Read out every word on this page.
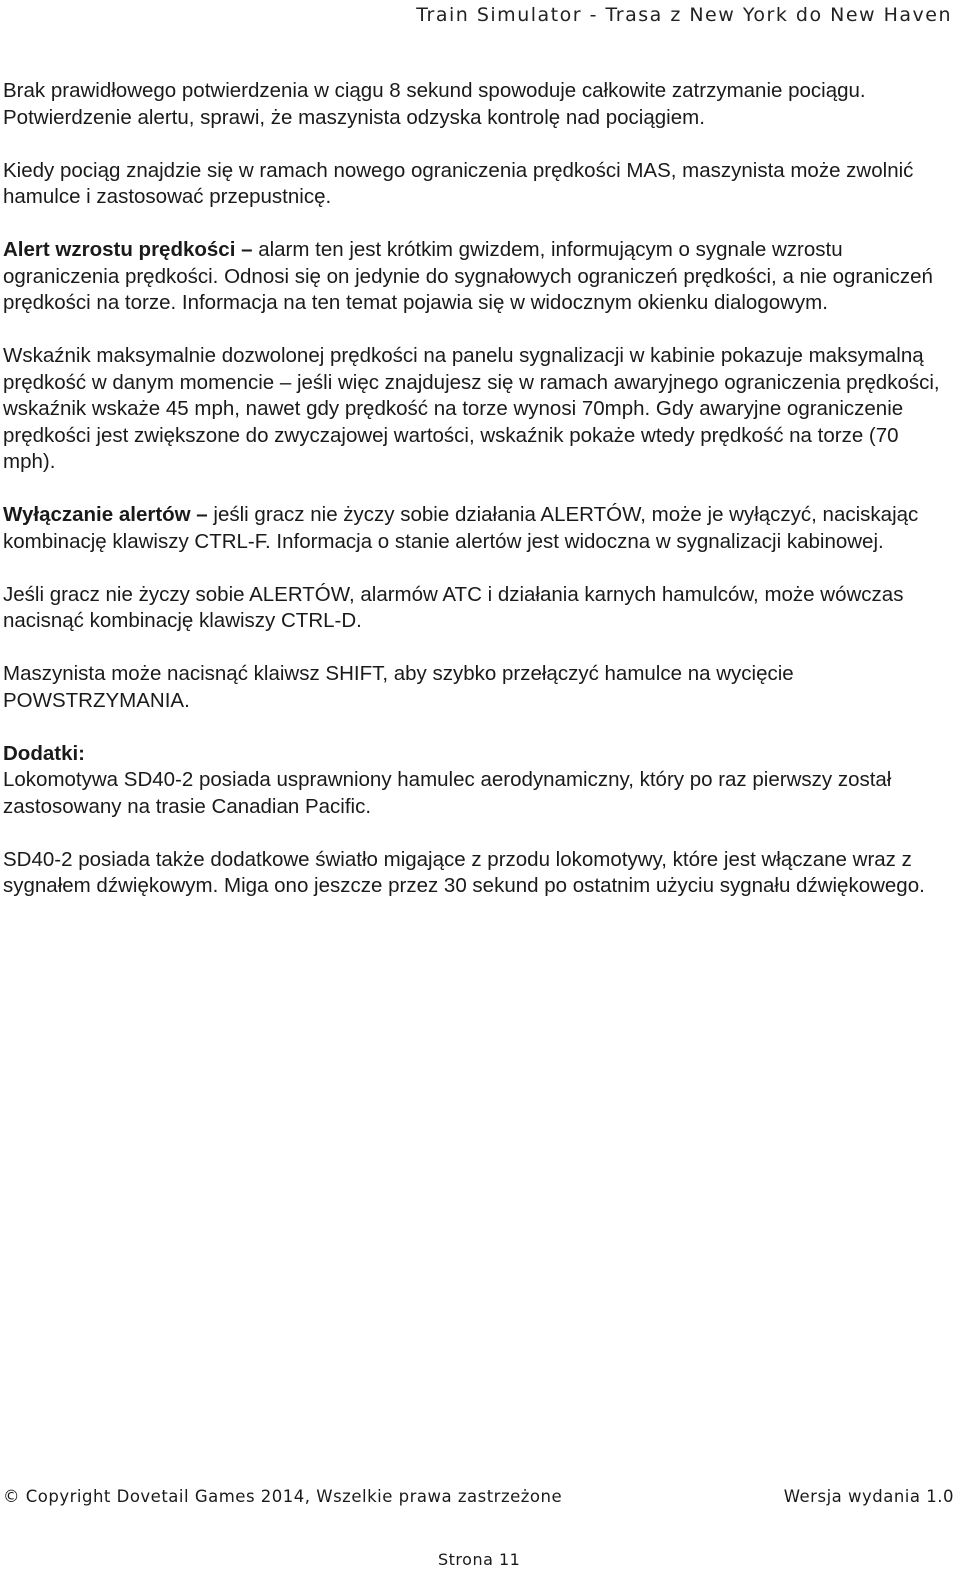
Train Simulator - Trasa z New York do New Haven

Brak prawidłowego potwierdzenia w ciągu 8 sekund spowoduje całkowite zatrzymanie pociągu. Potwierdzenie alertu, sprawi, że maszynista odzyska kontrolę nad pociągiem.

Kiedy pociąg znajdzie się w ramach nowego ograniczenia prędkości MAS, maszynista może zwolnić hamulce i zastosować przepustnicę.

Alert wzrostu prędkości – alarm ten jest krótkim gwizdem, informującym o sygnale wzrostu ograniczenia prędkości. Odnosi się on jedynie do sygnałowych ograniczeń prędkości, a nie ograniczeń prędkości na torze. Informacja na ten temat pojawia się w widocznym okienku dialogowym.

Wskaźnik maksymalnie dozwolonej prędkości na panelu sygnalizacji w kabinie pokazuje maksymalną prędkość w danym momencie – jeśli więc znajdujesz się w ramach awaryjnego ograniczenia prędkości, wskaźnik wskaże 45 mph, nawet gdy prędkość na torze wynosi 70mph. Gdy awaryjne ograniczenie prędkości jest zwiększone do zwyczajowej wartości, wskaźnik pokaże wtedy prędkość na torze (70 mph).

Wyłączanie alertów – jeśli gracz nie życzy sobie działania ALERTÓW, może je wyłączyć, naciskając kombinację klawiszy CTRL-F. Informacja o stanie alertów jest widoczna w sygnalizacji kabinowej.

Jeśli gracz nie życzy sobie ALERTÓW, alarmów ATC i działania karnych hamulców, może wówczas nacisnąć kombinację klawiszy CTRL-D.

Maszynista może nacisnąć klaiwsz SHIFT, aby szybko przełączyć hamulce na wycięcie POWSTRZYMANIA.

Dodatki:

Lokomotywa SD40-2 posiada usprawniony hamulec aerodynamiczny, który po raz pierwszy został zastosowany na trasie Canadian Pacific.

SD40-2 posiada także dodatkowe światło migające z przodu lokomotywy, które jest włączane wraz z sygnałem dźwiękowym. Miga ono jeszcze przez 30 sekund po ostatnim użyciu sygnału dźwiękowego.

© Copyright Dovetail Games 2014, Wszelkie prawa zastrzeżone	Wersja wydania 1.0
Strona 11
